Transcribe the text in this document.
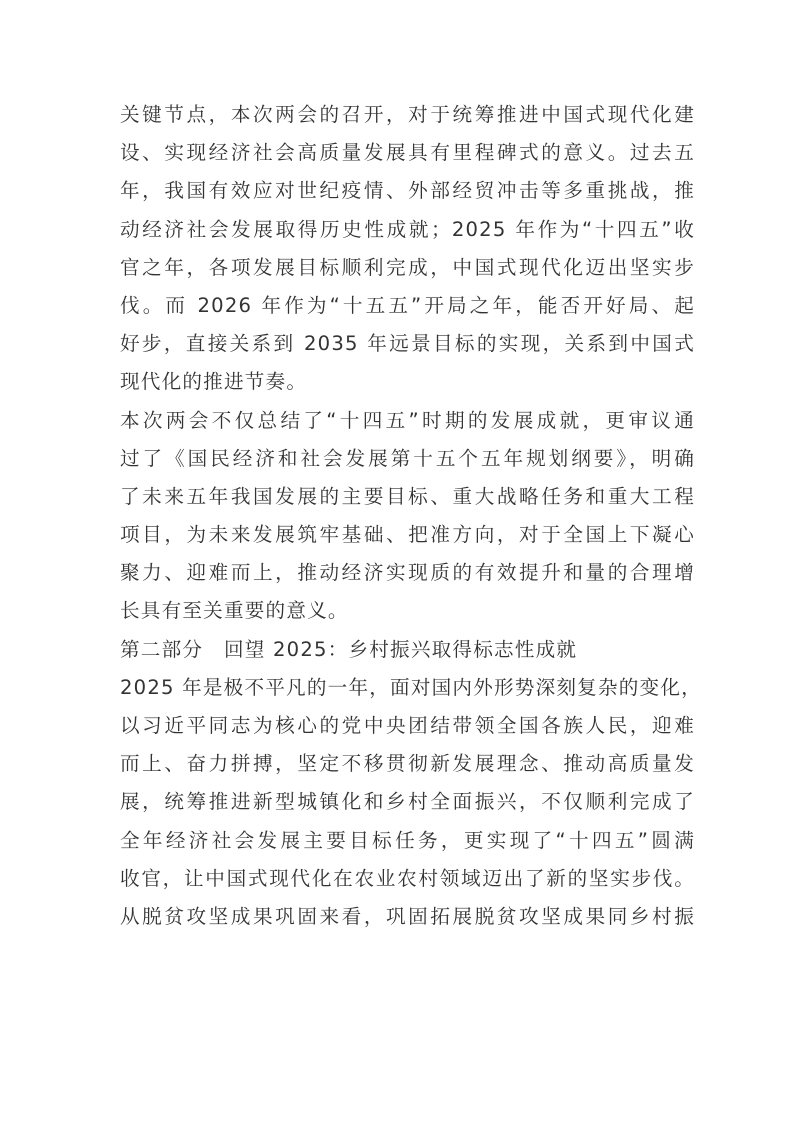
关键节点，本次两会的召开，对于统筹推进中国式现代化建
设、实现经济社会高质量发展具有里程碑式的意义。过去五
年，我国有效应对世纪疫情、外部经贸冲击等多重挑战，推
动经济社会发展取得历史性成就；2025 年作为“十四五”收
官之年，各项发展目标顺利完成，中国式现代化迈出坚实步
伐。而 2026 年作为“十五五”开局之年，能否开好局、起
好步，直接关系到 2035 年远景目标的实现，关系到中国式
现代化的推进节奏。
本次两会不仅总结了“十四五”时期的发展成就，更审议通
过了《国民经济和社会发展第十五个五年规划纲要》，明确
了未来五年我国发展的主要目标、重大战略任务和重大工程
项目，为未来发展筑牢基础、把准方向，对于全国上下凝心
聚力、迎难而上，推动经济实现质的有效提升和量的合理增
长具有至关重要的意义。
第二部分　回望 2025：乡村振兴取得标志性成就
2025 年是极不平凡的一年，面对国内外形势深刻复杂的变化，
以习近平同志为核心的党中央团结带领全国各族人民，迎难
而上、奋力拼搏，坚定不移贯彻新发展理念、推动高质量发
展，统筹推进新型城镇化和乡村全面振兴，不仅顺利完成了
全年经济社会发展主要目标任务，更实现了“十四五”圆满
收官，让中国式现代化在农业农村领域迈出了新的坚实步伐。
从脱贫攻坚成果巩固来看，巩固拓展脱贫攻坚成果同乡村振
